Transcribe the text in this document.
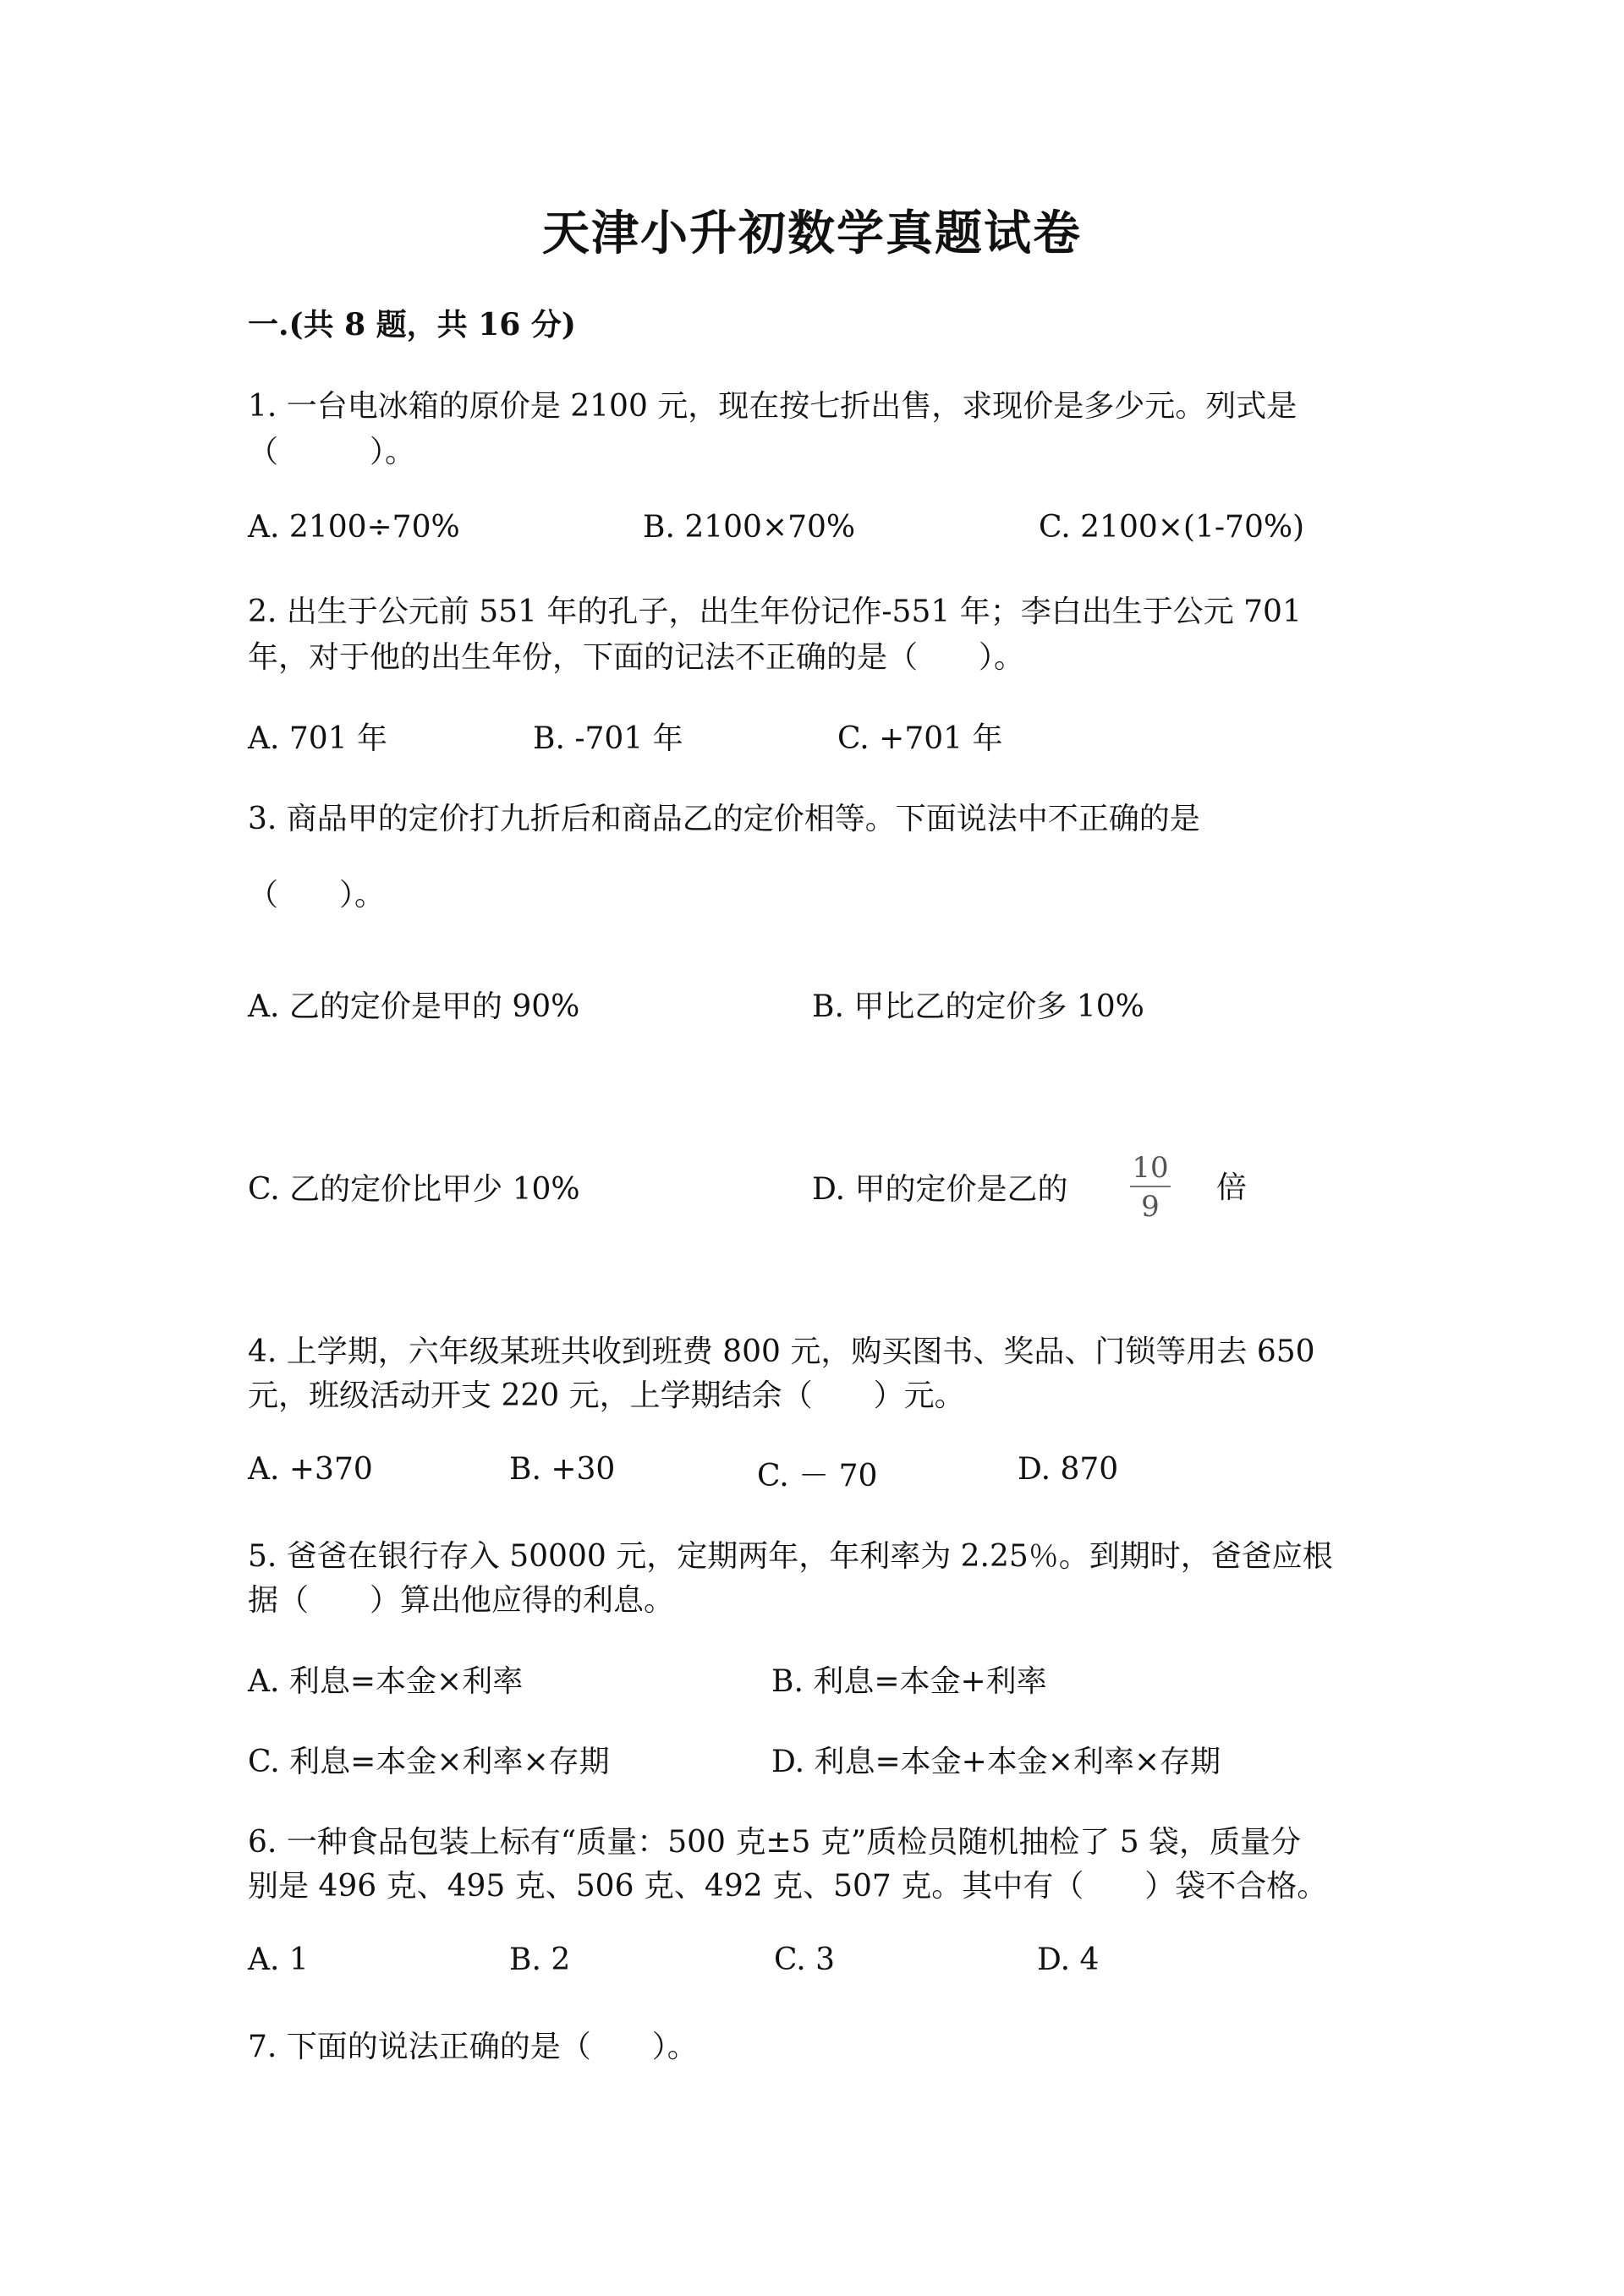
天津小升初数学真题试卷
一.(共 8 题，共 16 分)
1. 一台电冰箱的原价是 2100 元，现在按七折出售，求现价是多少元。列式是
（　　　）。
A. 2100÷70%	B. 2100×70%	C. 2100×(1-70%)
2. 出生于公元前 551 年的孔子，出生年份记作-551 年；李白出生于公元 701
年，对于他的出生年份，下面的记法不正确的是（　　）。
A. 701 年	B. -701 年	C. +701 年
3. 商品甲的定价打九折后和商品乙的定价相等。下面说法中不正确的是
（　　）。
A. 乙的定价是甲的 90%	B. 甲比乙的定价多 10%
C. 乙的定价比甲少 10%	D. 甲的定价是乙的
10
9
倍
4. 上学期，六年级某班共收到班费 800 元，购买图书、奖品、门锁等用去 650
元，班级活动开支 220 元，上学期结余（　　）元。
A. +370	B. +30	C. － 70	D. 870
5. 爸爸在银行存入 50000 元，定期两年，年利率为 2.25％。到期时，爸爸应根
据（　　）算出他应得的利息。
A. 利息=本金×利率	B. 利息=本金+利率
C. 利息=本金×利率×存期	D. 利息=本金+本金×利率×存期
6. 一种食品包装上标有“质量：500 克±5 克”质检员随机抽检了 5 袋，质量分
别是 496 克、495 克、506 克、492 克、507 克。其中有（　　）袋不合格。
A. 1	B. 2	C. 3	D. 4
7. 下面的说法正确的是（　　）。
